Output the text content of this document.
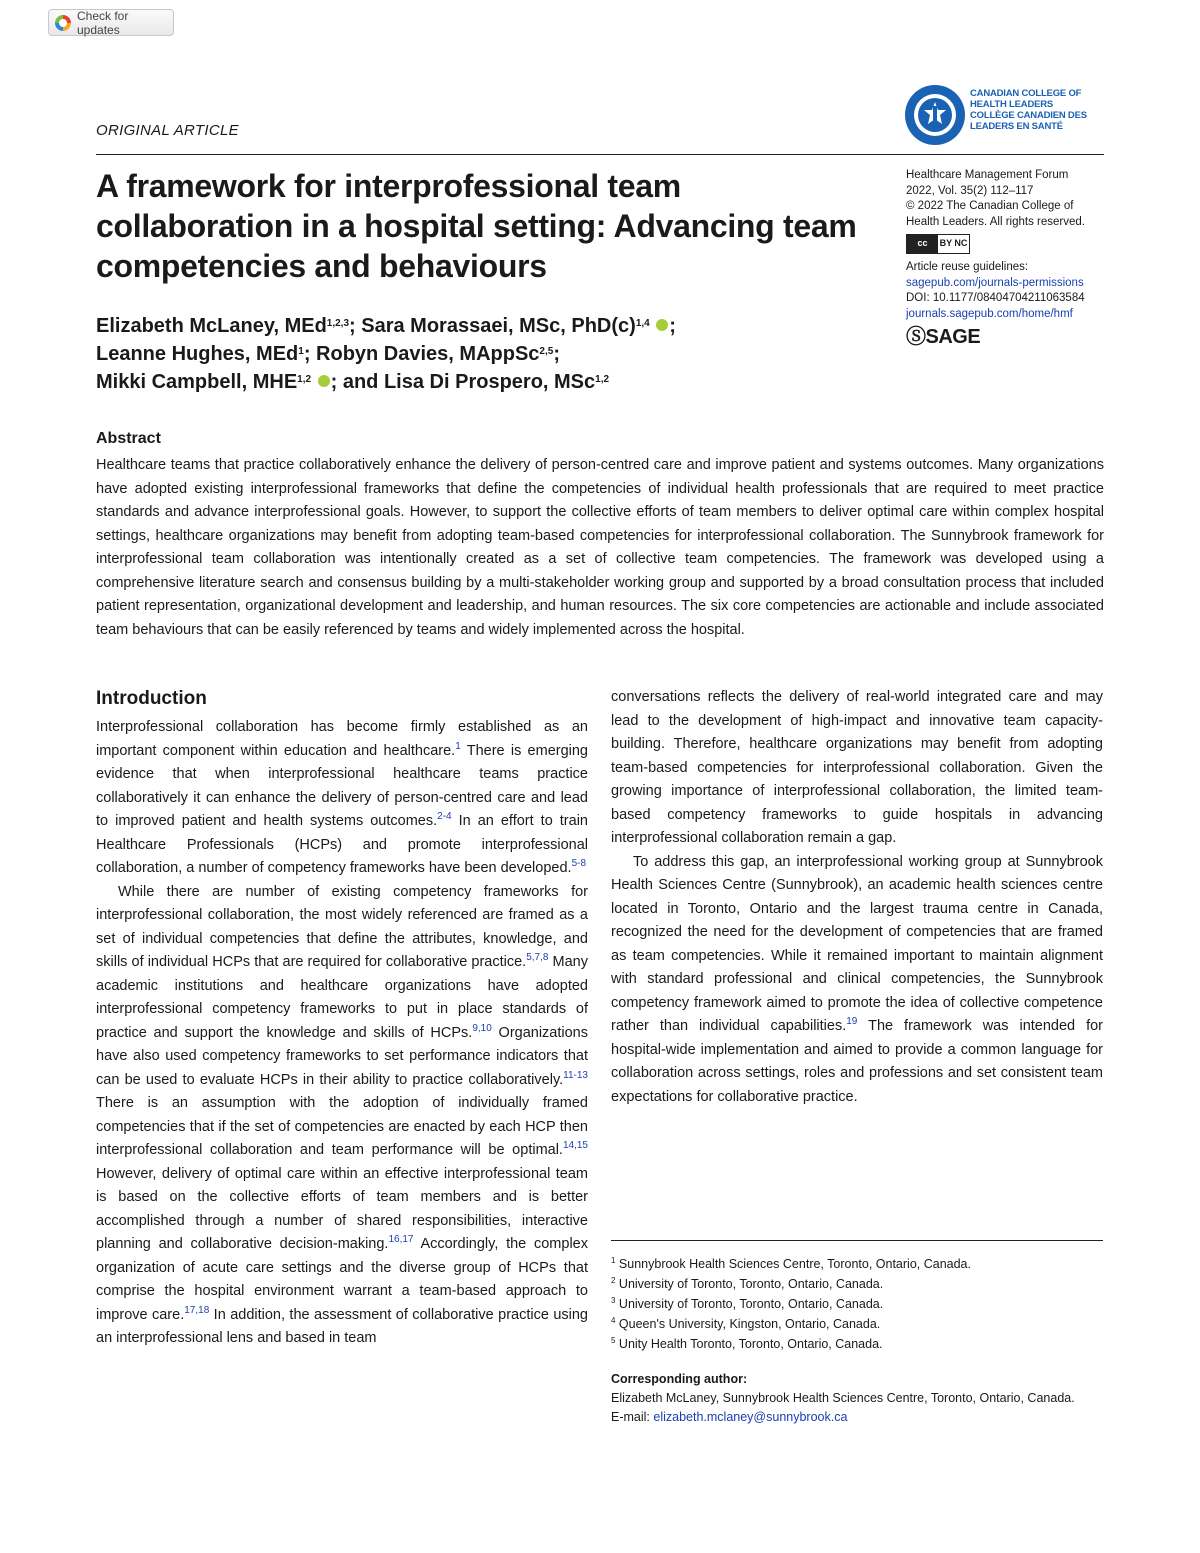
Check for updates
CANADIAN COLLEGE OF
HEALTH LEADERS
COLLÈGE CANADIEN DES
LEADERS EN SANTÉ
ORIGINAL ARTICLE
A framework for interprofessional team collaboration in a hospital setting: Advancing team competencies and behaviours
Healthcare Management Forum
2022, Vol. 35(2) 112–117
© 2022 The Canadian College of
Health Leaders. All rights reserved.
cc	BY NC
Article reuse guidelines:
sagepub.com/journals-permissions
DOI: 10.1177/08404704211063584
journals.sagepub.com/home/hmf
ⓈSAGE
Elizabeth McLaney, MEd$^{1,2,3}$; Sara Morassaei, MSc, $PhD(c)^{1,4}$ ;
Leanne Hughes, MEd$^1$; Robyn Davies, MAppSc$^{2,5}$;
Mikki Campbell, MHE$^{1,2}$ ; and Lisa Di Prospero, MSc$^{1,2}$
Abstract
Healthcare teams that practice collaboratively enhance the delivery of person-centred care and improve patient and systems outcomes. Many organizations have adopted existing interprofessional frameworks that define the competencies of individual health professionals that are required to meet practice standards and advance interprofessional goals. However, to support the collective efforts of team members to deliver optimal care within complex hospital settings, healthcare organizations may benefit from adopting team-based competencies for interprofessional collaboration. The Sunnybrook framework for interprofessional team collaboration was intentionally created as a set of collective team competencies. The framework was developed using a comprehensive literature search and consensus building by a multi-stakeholder working group and supported by a broad consultation process that included patient representation, organizational development and leadership, and human resources. The six core competencies are actionable and include associated team behaviours that can be easily referenced by teams and widely implemented across the hospital.
Introduction

Interprofessional collaboration has become firmly established as an important component within education and healthcare.$^1$ There is emerging evidence that when interprofessional healthcare teams practice collaboratively it can enhance the delivery of person-centred care and lead to improved patient and health systems outcomes.$^{2-4}$ In an effort to train Healthcare Professionals (HCPs) and promote interprofessional collaboration, a number of competency frameworks have been developed.$^{5-8}$

While there are number of existing competency frameworks for interprofessional collaboration, the most widely referenced are framed as a set of individual competencies that define the attributes, knowledge, and skills of individual HCPs that are required for collaborative practice.$^{5,7,8}$ Many academic institutions and healthcare organizations have adopted interprofessional competency frameworks to put in place standards of practice and support the knowledge and skills of HCPs.$^{9,10}$ Organizations have also used competency frameworks to set performance indicators that can be used to evaluate HCPs in their ability to practice collaboratively.$^{11-13}$ There is an assumption with the adoption of individually framed competencies that if the set of competencies are enacted by each HCP then interprofessional collaboration and team performance will be optimal.$^{14,15}$ However, delivery of optimal care within an effective interprofessional team is based on the collective efforts of team members and is better accomplished through a number of shared responsibilities, interactive planning and collaborative decision-making.$^{16,17}$ Accordingly, the complex organization of acute care settings and the diverse group of HCPs that comprise the hospital environment warrant a team-based approach to improve care.$^{17,18}$ In addition, the assessment of collaborative practice using an interprofessional lens and based in team

conversations reflects the delivery of real-world integrated care and may lead to the development of high-impact and innovative team capacity-building. Therefore, healthcare organizations may benefit from adopting team-based competencies for interprofessional collaboration. Given the growing importance of interprofessional collaboration, the limited team-based competency frameworks to guide hospitals in advancing interprofessional collaboration remain a gap.

To address this gap, an interprofessional working group at Sunnybrook Health Sciences Centre (Sunnybrook), an academic health sciences centre located in Toronto, Ontario and the largest trauma centre in Canada, recognized the need for the development of competencies that are framed as team competencies. While it remained important to maintain alignment with standard professional and clinical competencies, the Sunnybrook competency framework aimed to promote the idea of collective competence rather than individual capabilities.$^{19}$ The framework was intended for hospital-wide implementation and aimed to provide a common language for collaboration across settings, roles and professions and set consistent team expectations for collaborative practice.

$^1$ Sunnybrook Health Sciences Centre, Toronto, Ontario, Canada.
$^2$ University of Toronto, Toronto, Ontario, Canada.
$^3$ University of Toronto, Toronto, Ontario, Canada.
$^4$ Queen's University, Kingston, Ontario, Canada.
$^5$ Unity Health Toronto, Toronto, Ontario, Canada.
Corresponding author:
Elizabeth McLaney, Sunnybrook Health Sciences Centre, Toronto, Ontario, Canada.
E-mail: elizabeth.mclaney@sunnybrook.ca
